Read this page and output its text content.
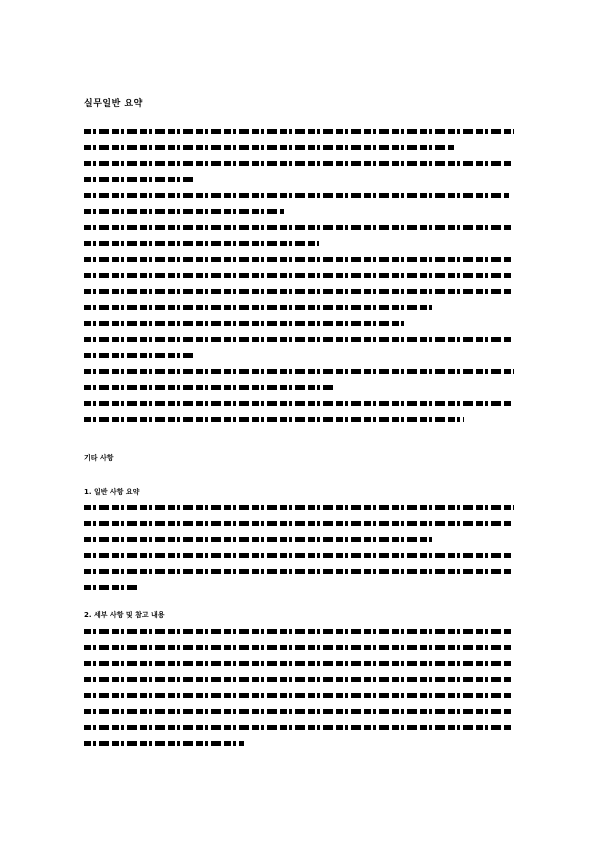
실무일반 요약
기타 사항
1. 일반 사항 요약
2. 세부 사항 및 참고 내용
